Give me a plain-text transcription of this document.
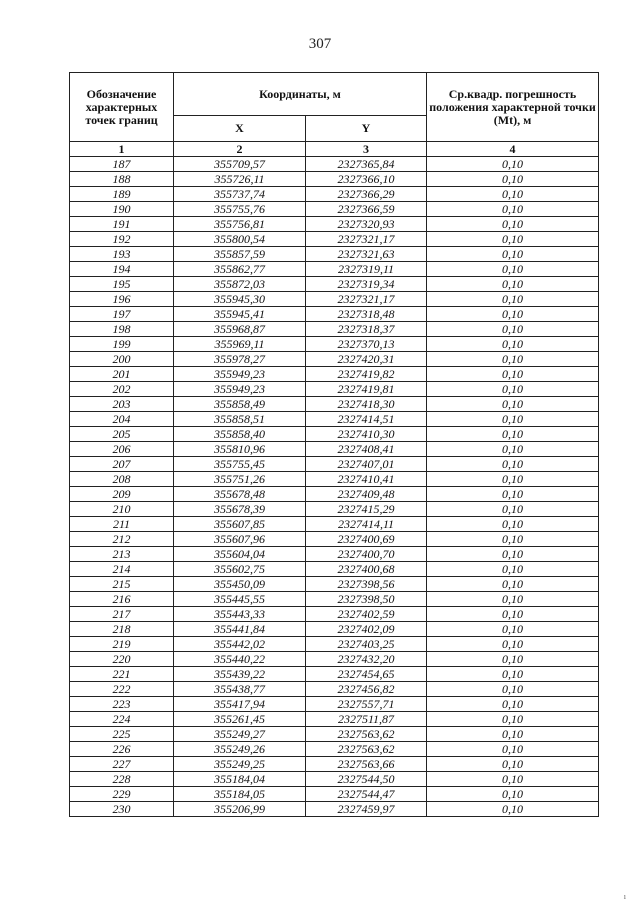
307
Обозначение характерных точек границ	Координаты, м		Ср.квадр. погрешность положения характерной точки (Mt), м
	X	Y	
1	2	3	4
187	355709,57	2327365,84	0,10
188	355726,11	2327366,10	0,10
189	355737,74	2327366,29	0,10
190	355755,76	2327366,59	0,10
191	355756,81	2327320,93	0,10
192	355800,54	2327321,17	0,10
193	355857,59	2327321,63	0,10
194	355862,77	2327319,11	0,10
195	355872,03	2327319,34	0,10
196	355945,30	2327321,17	0,10
197	355945,41	2327318,48	0,10
198	355968,87	2327318,37	0,10
199	355969,11	2327370,13	0,10
200	355978,27	2327420,31	0,10
201	355949,23	2327419,82	0,10
202	355949,23	2327419,81	0,10
203	355858,49	2327418,30	0,10
204	355858,51	2327414,51	0,10
205	355858,40	2327410,30	0,10
206	355810,96	2327408,41	0,10
207	355755,45	2327407,01	0,10
208	355751,26	2327410,41	0,10
209	355678,48	2327409,48	0,10
210	355678,39	2327415,29	0,10
211	355607,85	2327414,11	0,10
212	355607,96	2327400,69	0,10
213	355604,04	2327400,70	0,10
214	355602,75	2327400,68	0,10
215	355450,09	2327398,56	0,10
216	355445,55	2327398,50	0,10
217	355443,33	2327402,59	0,10
218	355441,84	2327402,09	0,10
219	355442,02	2327403,25	0,10
220	355440,22	2327432,20	0,10
221	355439,22	2327454,65	0,10
222	355438,77	2327456,82	0,10
223	355417,94	2327557,71	0,10
224	355261,45	2327511,87	0,10
225	355249,27	2327563,62	0,10
226	355249,26	2327563,62	0,10
227	355249,25	2327563,66	0,10
228	355184,04	2327544,50	0,10
229	355184,05	2327544,47	0,10
230	355206,99	2327459,97	0,10
ı
